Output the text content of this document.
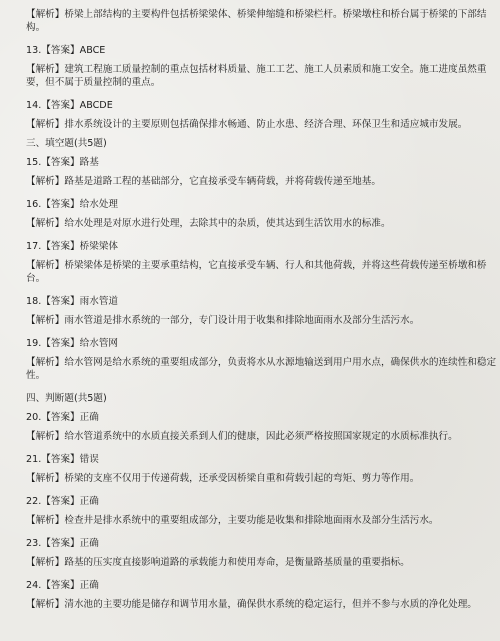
【解析】桥梁上部结构的主要构件包括桥梁梁体、桥梁伸缩缝和桥梁栏杆。桥梁墩柱和桥台属于桥梁的下部结
构。
13.【答案】ABCE
【解析】建筑工程施工质量控制的重点包括材料质量、施工工艺、施工人员素质和施工安全。施工进度虽然重
要，但不属于质量控制的重点。
14.【答案】ABCDE
【解析】排水系统设计的主要原则包括确保排水畅通、防止水患、经济合理、环保卫生和适应城市发展。
三、填空题(共5题)
15.【答案】路基
【解析】路基是道路工程的基础部分，它直接承受车辆荷载，并将荷载传递至地基。
16.【答案】给水处理
【解析】给水处理是对原水进行处理，去除其中的杂质，使其达到生活饮用水的标准。
17.【答案】桥梁梁体
【解析】桥梁梁体是桥梁的主要承重结构，它直接承受车辆、行人和其他荷载，并将这些荷载传递至桥墩和桥
台。
18.【答案】雨水管道
【解析】雨水管道是排水系统的一部分，专门设计用于收集和排除地面雨水及部分生活污水。
19.【答案】给水管网
【解析】给水管网是给水系统的重要组成部分，负责将水从水源地输送到用户用水点，确保供水的连续性和稳定
性。
四、判断题(共5题)
20.【答案】正确
【解析】给水管道系统中的水质直接关系到人们的健康，因此必须严格按照国家规定的水质标准执行。
21.【答案】错误
【解析】桥梁的支座不仅用于传递荷载，还承受因桥梁自重和荷载引起的弯矩、剪力等作用。
22.【答案】正确
【解析】检查井是排水系统中的重要组成部分，主要功能是收集和排除地面雨水及部分生活污水。
23.【答案】正确
【解析】路基的压实度直接影响道路的承载能力和使用寿命，是衡量路基质量的重要指标。
24.【答案】正确
【解析】清水池的主要功能是储存和调节用水量，确保供水系统的稳定运行，但并不参与水质的净化处理。
